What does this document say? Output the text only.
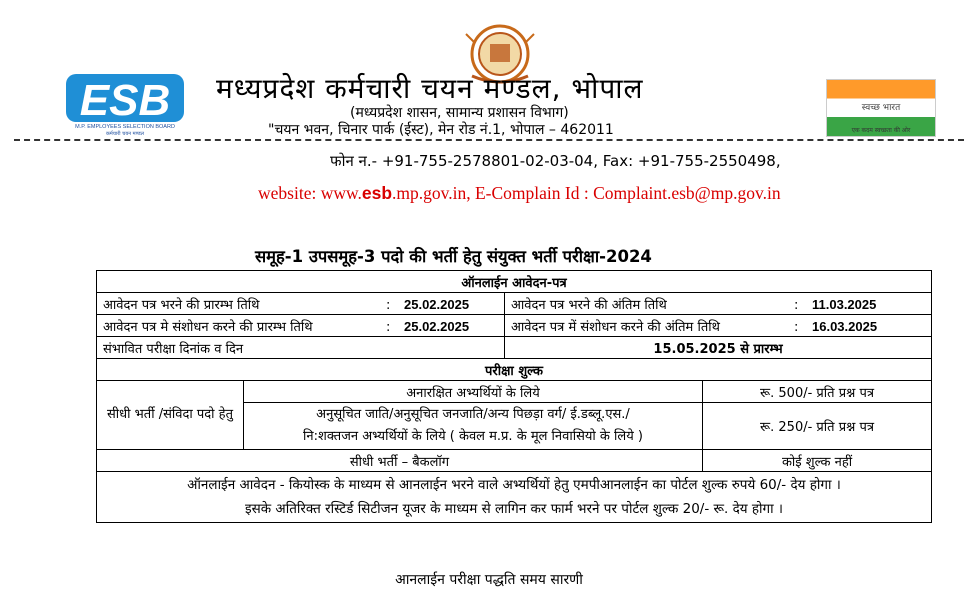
ESB
M.P. EMPLOYEES SELECTION BOARD
कर्मचारी चयन मण्डल
मध्यप्रदेश कर्मचारी चयन मण्डल, भोपाल
(मध्यप्रदेश शासन, सामान्य प्रशासन विभाग)
"चयन भवन, चिनार पार्क (ईस्ट), मेन रोड नं.1, भोपाल – 462011
स्वच्छ भारत
एक कदम स्वच्छता की ओर
फोन न.- +91-755-2578801-02-03-04, Fax: +91-755-2550498,
website: www.esb.mp.gov.in, E-Complain Id : Complaint.esb@mp.gov.in
समूह-1 उपसमूह-3 पदो की भर्ती हेतु संयुक्त भर्ती परीक्षा-2024
ऑनलाईन आवेदन-पत्र			
आवेदन पत्र भरने की प्रारम्भ तिथि : 25.02.2025		आवेदन पत्र भरने की अंतिम तिथि : 11.03.2025	
आवेदन पत्र मे संशोधन करने की प्रारम्भ तिथि : 25.02.2025		आवेदन पत्र में संशोधन करने की अंतिम तिथि : 16.03.2025	
संभावित परीक्षा दिनांक व दिन		15.05.2025 से प्रारम्भ	
परीक्षा शुल्क			
सीधी भर्ती /संविदा पदो हेतु	अनारक्षित अभ्यर्थियों के लिये		रू. 500/- प्रति प्रश्न पत्र

	अनुसूचित जाति/अनुसूचित जनजाति/अन्य पिछड़ा वर्ग/ ई.डब्लू.एस./
नि:शक्तजन अभ्यर्थियों के लिये ( केवल म.प्र. के मूल निवासियो के लिये )		रू. 250/- प्रति प्रश्न पत्र
सीधी भर्ती – बैकलॉग			कोई शुल्क नहीं

ऑनलाईन आवेदन - कियोस्क के माध्यम से आनलाईन भरने वाले अभ्यर्थियों हेतु एमपीआनलाईन का पोर्टल शुल्क रुपये 60/- देय होगा ।
इसके अतिरिक्त रस्टिर्ड सिटीजन यूजर के माध्यम से लागिन कर फार्म भरने पर पोर्टल शुल्क 20/- रू. देय होगा ।			
आनलाईन परीक्षा पद्धति समय सारणी
